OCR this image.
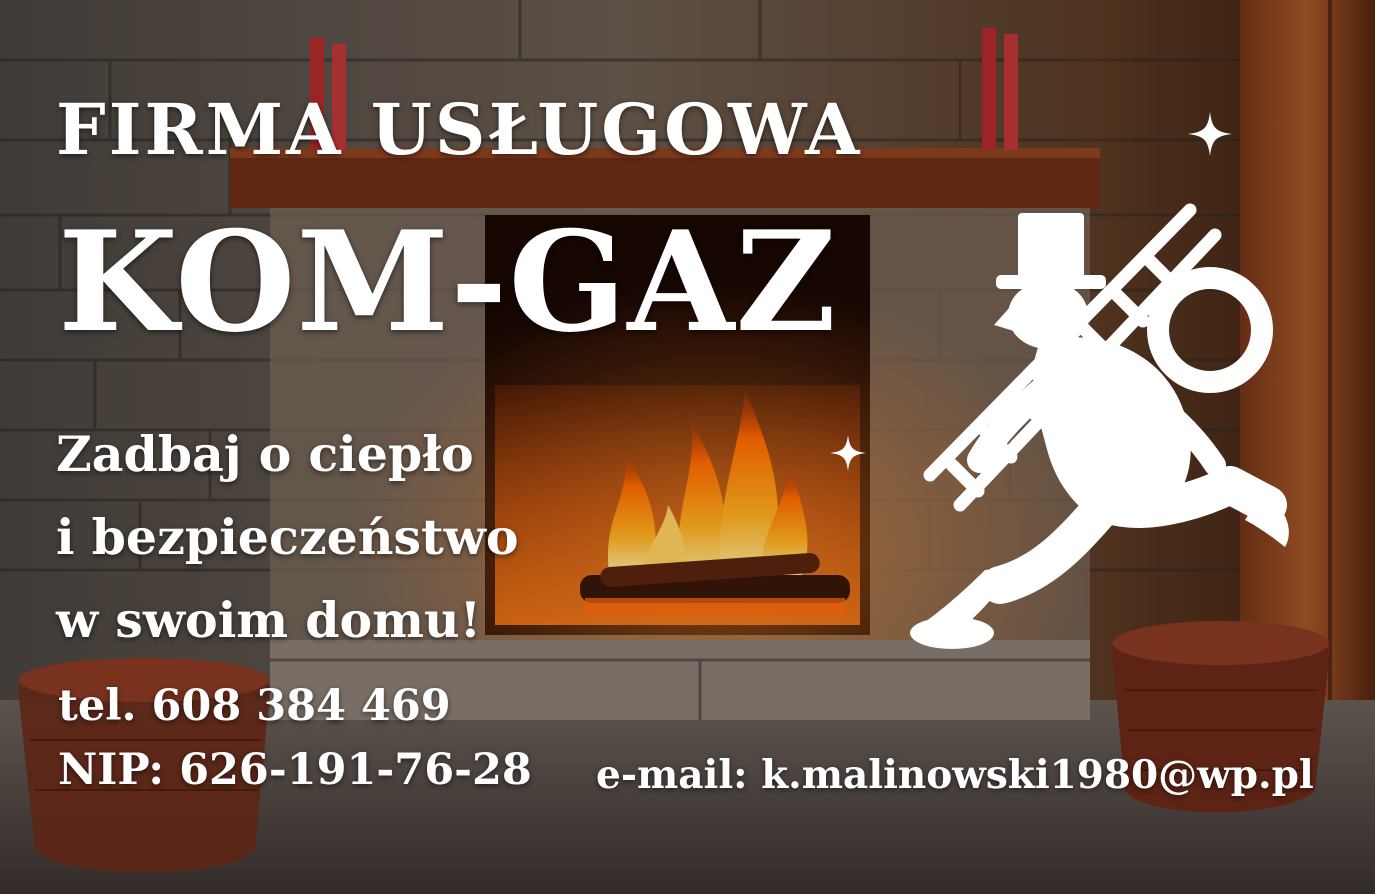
FIRMA USŁUGOWA
KOM-GAZ
Zadbaj o ciepło
i bezpieczeństwo
w swoim domu!
tel. 608 384 469
NIP: 626-191-76-28 e-mail: k.malinowski1980@wp.pl
